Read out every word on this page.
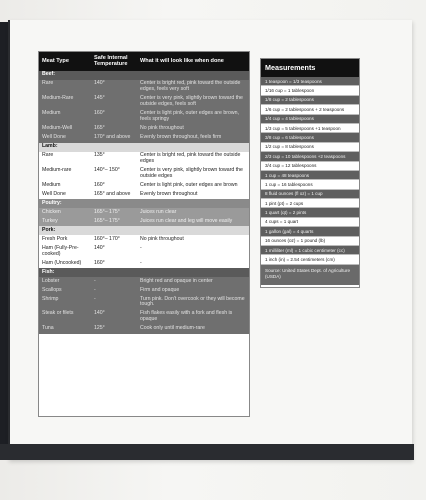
Meat Type	Safe Internal Temperature	What it will look like when done
Beef:		
Rare	140°	Center is bright red, pink toward the outside edges, feels very soft
Medium-Rare	145°	Center is very pink, slightly brown toward the outside edges, feels soft
Medium	160°	Center is light pink, outer edges are brown, feels springy
Medium-Well	165°	No pink throughout
Well Done	170° and above	Evenly brown throughout, feels firm
Lamb:		
Rare	135°	Center is bright red, pink toward the outside edges
Medium-rare	140°– 150°	Center is very pink, slightly brown toward the outside edges
Medium	160°	Center is light pink, outer edges are brown
Well Done	165° and above	Evenly brown throughout
Poultry:		
Chicken	165°– 175°	Juices run clear
Turkey	165°– 175°	Juices run clear and leg will move easily
Pork:		
Fresh Pork	160°– 170°	No pink throughout
Ham (Fully-Pre-cooked)	140°	-
Ham (Uncooked)	160°	-
Fish:		
Lobster	-	Bright red and opaque in center
Scallops	-	Firm and opaque
Shrimp	-	Turn pink. Don't overcook or they will become tough.
Steak or filets	140°	Fish flakes easily with a fork and flesh is opaque
Tuna	125°	Cook only until medium-rare
Measurements
1 teaspoon = 1/3 teaspoons
1/16 cup = 1 tablespoon
1/8 cup = 2 tablespoons
1/6 cup = 2 tablespoons + 2 teaspoons
1/4 cup = 4 tablespoons
1/3 cup = 5 tablespoons +1 teaspoon
3/8 cup = 6 tablespoons
1/2 cup = 8 tablespoons
2/3 cup = 10 tablespoons +2 teaspoons
3/4 cup = 12 tablespoons
1 cup = 48 teaspoons
1 cup = 16 tablespoons
8 fluid ounces (fl oz) = 1 cup
1 pint (pt) = 2 cups
1 quart (qt) = 2 pints
4 cups = 1 quart
1 gallon (gal) = 4 quarts
16 ounces (oz) = 1 pound (lb)
1 milliliter (ml) = 1 cubic centimeter (cc)
1 inch (in) = 2.54 centimeters (cm)
Source: United States Dept. of Agriculture (USDA)
